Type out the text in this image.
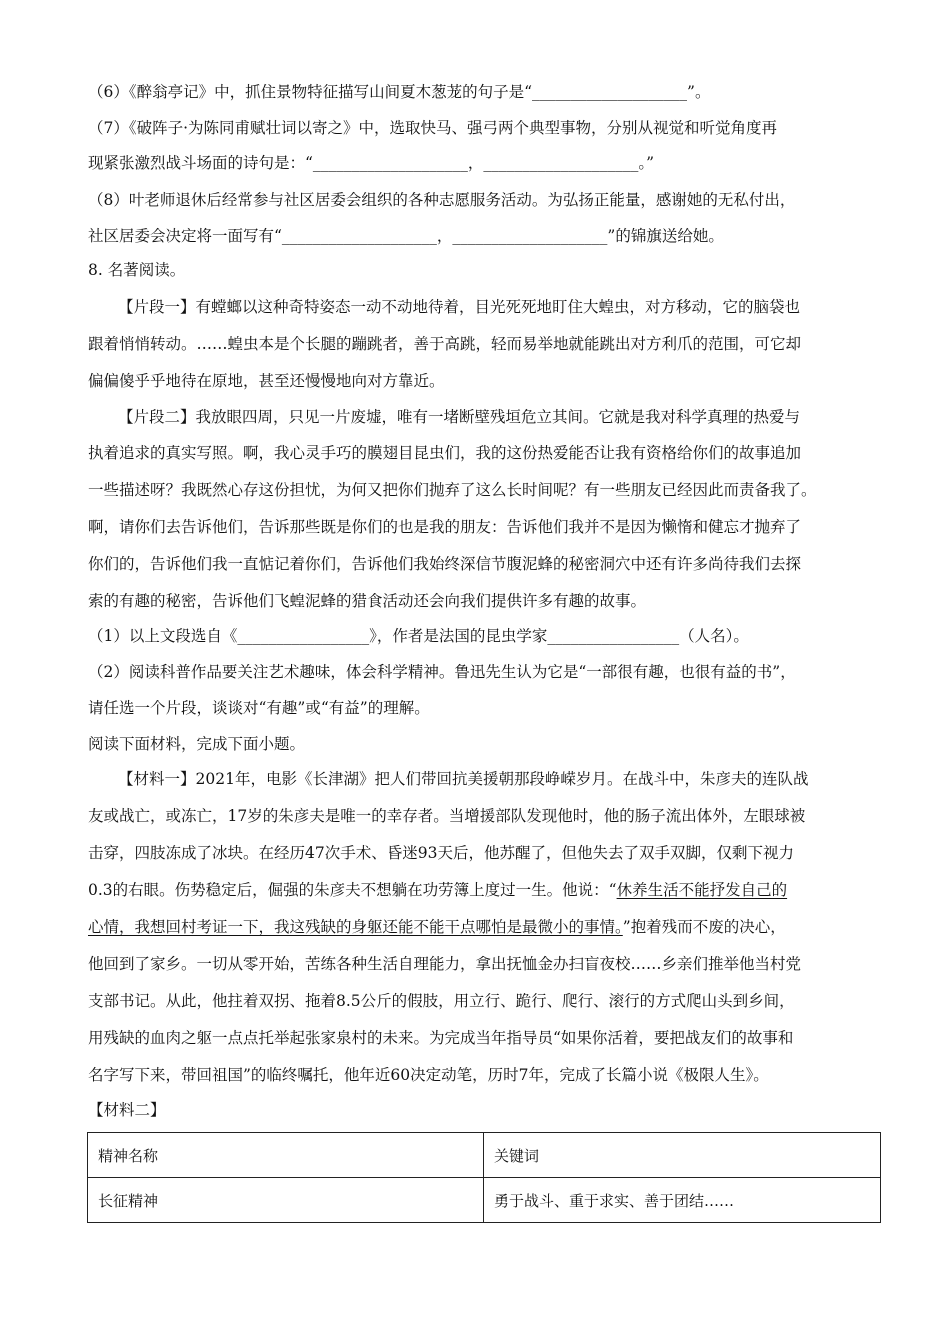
（6）《醉翁亭记》中，抓住景物特征描写山间夏木葱茏的句子是“____________________”。
（7）《破阵子·为陈同甫赋壮词以寄之》中，选取快马、强弓两个典型事物，分别从视觉和听觉角度再
现紧张激烈战斗场面的诗句是：“____________________，____________________。”
（8）叶老师退休后经常参与社区居委会组织的各种志愿服务活动。为弘扬正能量，感谢她的无私付出，
社区居委会决定将一面写有“____________________，____________________”的锦旗送给她。
8. 名著阅读。
【片段一】有螳螂以这种奇特姿态一动不动地待着，目光死死地盯住大蝗虫，对方移动，它的脑袋也
跟着悄悄转动。……蝗虫本是个长腿的蹦跳者，善于高跳，轻而易举地就能跳出对方利爪的范围，可它却
偏偏傻乎乎地待在原地，甚至还慢慢地向对方靠近。
【片段二】我放眼四周，只见一片废墟，唯有一堵断壁残垣危立其间。它就是我对科学真理的热爱与
执着追求的真实写照。啊，我心灵手巧的膜翅目昆虫们，我的这份热爱能否让我有资格给你们的故事追加
一些描述呀？我既然心存这份担忧，为何又把你们抛弃了这么长时间呢？有一些朋友已经因此而责备我了。
啊，请你们去告诉他们，告诉那些既是你们的也是我的朋友：告诉他们我并不是因为懒惰和健忘才抛弃了
你们的，告诉他们我一直惦记着你们，告诉他们我始终深信节腹泥蜂的秘密洞穴中还有许多尚待我们去探
索的有趣的秘密，告诉他们飞蝗泥蜂的猎食活动还会向我们提供许多有趣的故事。
（1）以上文段选自《_________________》，作者是法国的昆虫学家_________________（人名）。
（2）阅读科普作品要关注艺术趣味，体会科学精神。鲁迅先生认为它是“一部很有趣，也很有益的书”，
请任选一个片段，谈谈对“有趣”或“有益”的理解。
阅读下面材料，完成下面小题。
【材料一】2021年，电影《长津湖》把人们带回抗美援朝那段峥嵘岁月。在战斗中，朱彦夫的连队战
友或战亡，或冻亡，17岁的朱彦夫是唯一的幸存者。当增援部队发现他时，他的肠子流出体外，左眼球被
击穿，四肢冻成了冰块。在经历47次手术、昏迷93天后，他苏醒了，但他失去了双手双脚，仅剩下视力
0.3的右眼。伤势稳定后，倔强的朱彦夫不想躺在功劳簿上度过一生。他说：“休养生活不能抒发自己的
心情，我想回村考证一下，我这残缺的身躯还能不能干点哪怕是最微小的事情。”抱着残而不废的决心，
他回到了家乡。一切从零开始，苦练各种生活自理能力，拿出抚恤金办扫盲夜校……乡亲们推举他当村党
支部书记。从此，他拄着双拐、拖着8.5公斤的假肢，用立行、跪行、爬行、滚行的方式爬山头到乡间，
用残缺的血肉之躯一点点托举起张家泉村的未来。为完成当年指导员“如果你活着，要把战友们的故事和
名字写下来，带回祖国”的临终嘱托，他年近60决定动笔，历时7年，完成了长篇小说《极限人生》。
【材料二】
精神名称	关键词
长征精神	勇于战斗、重于求实、善于团结……
